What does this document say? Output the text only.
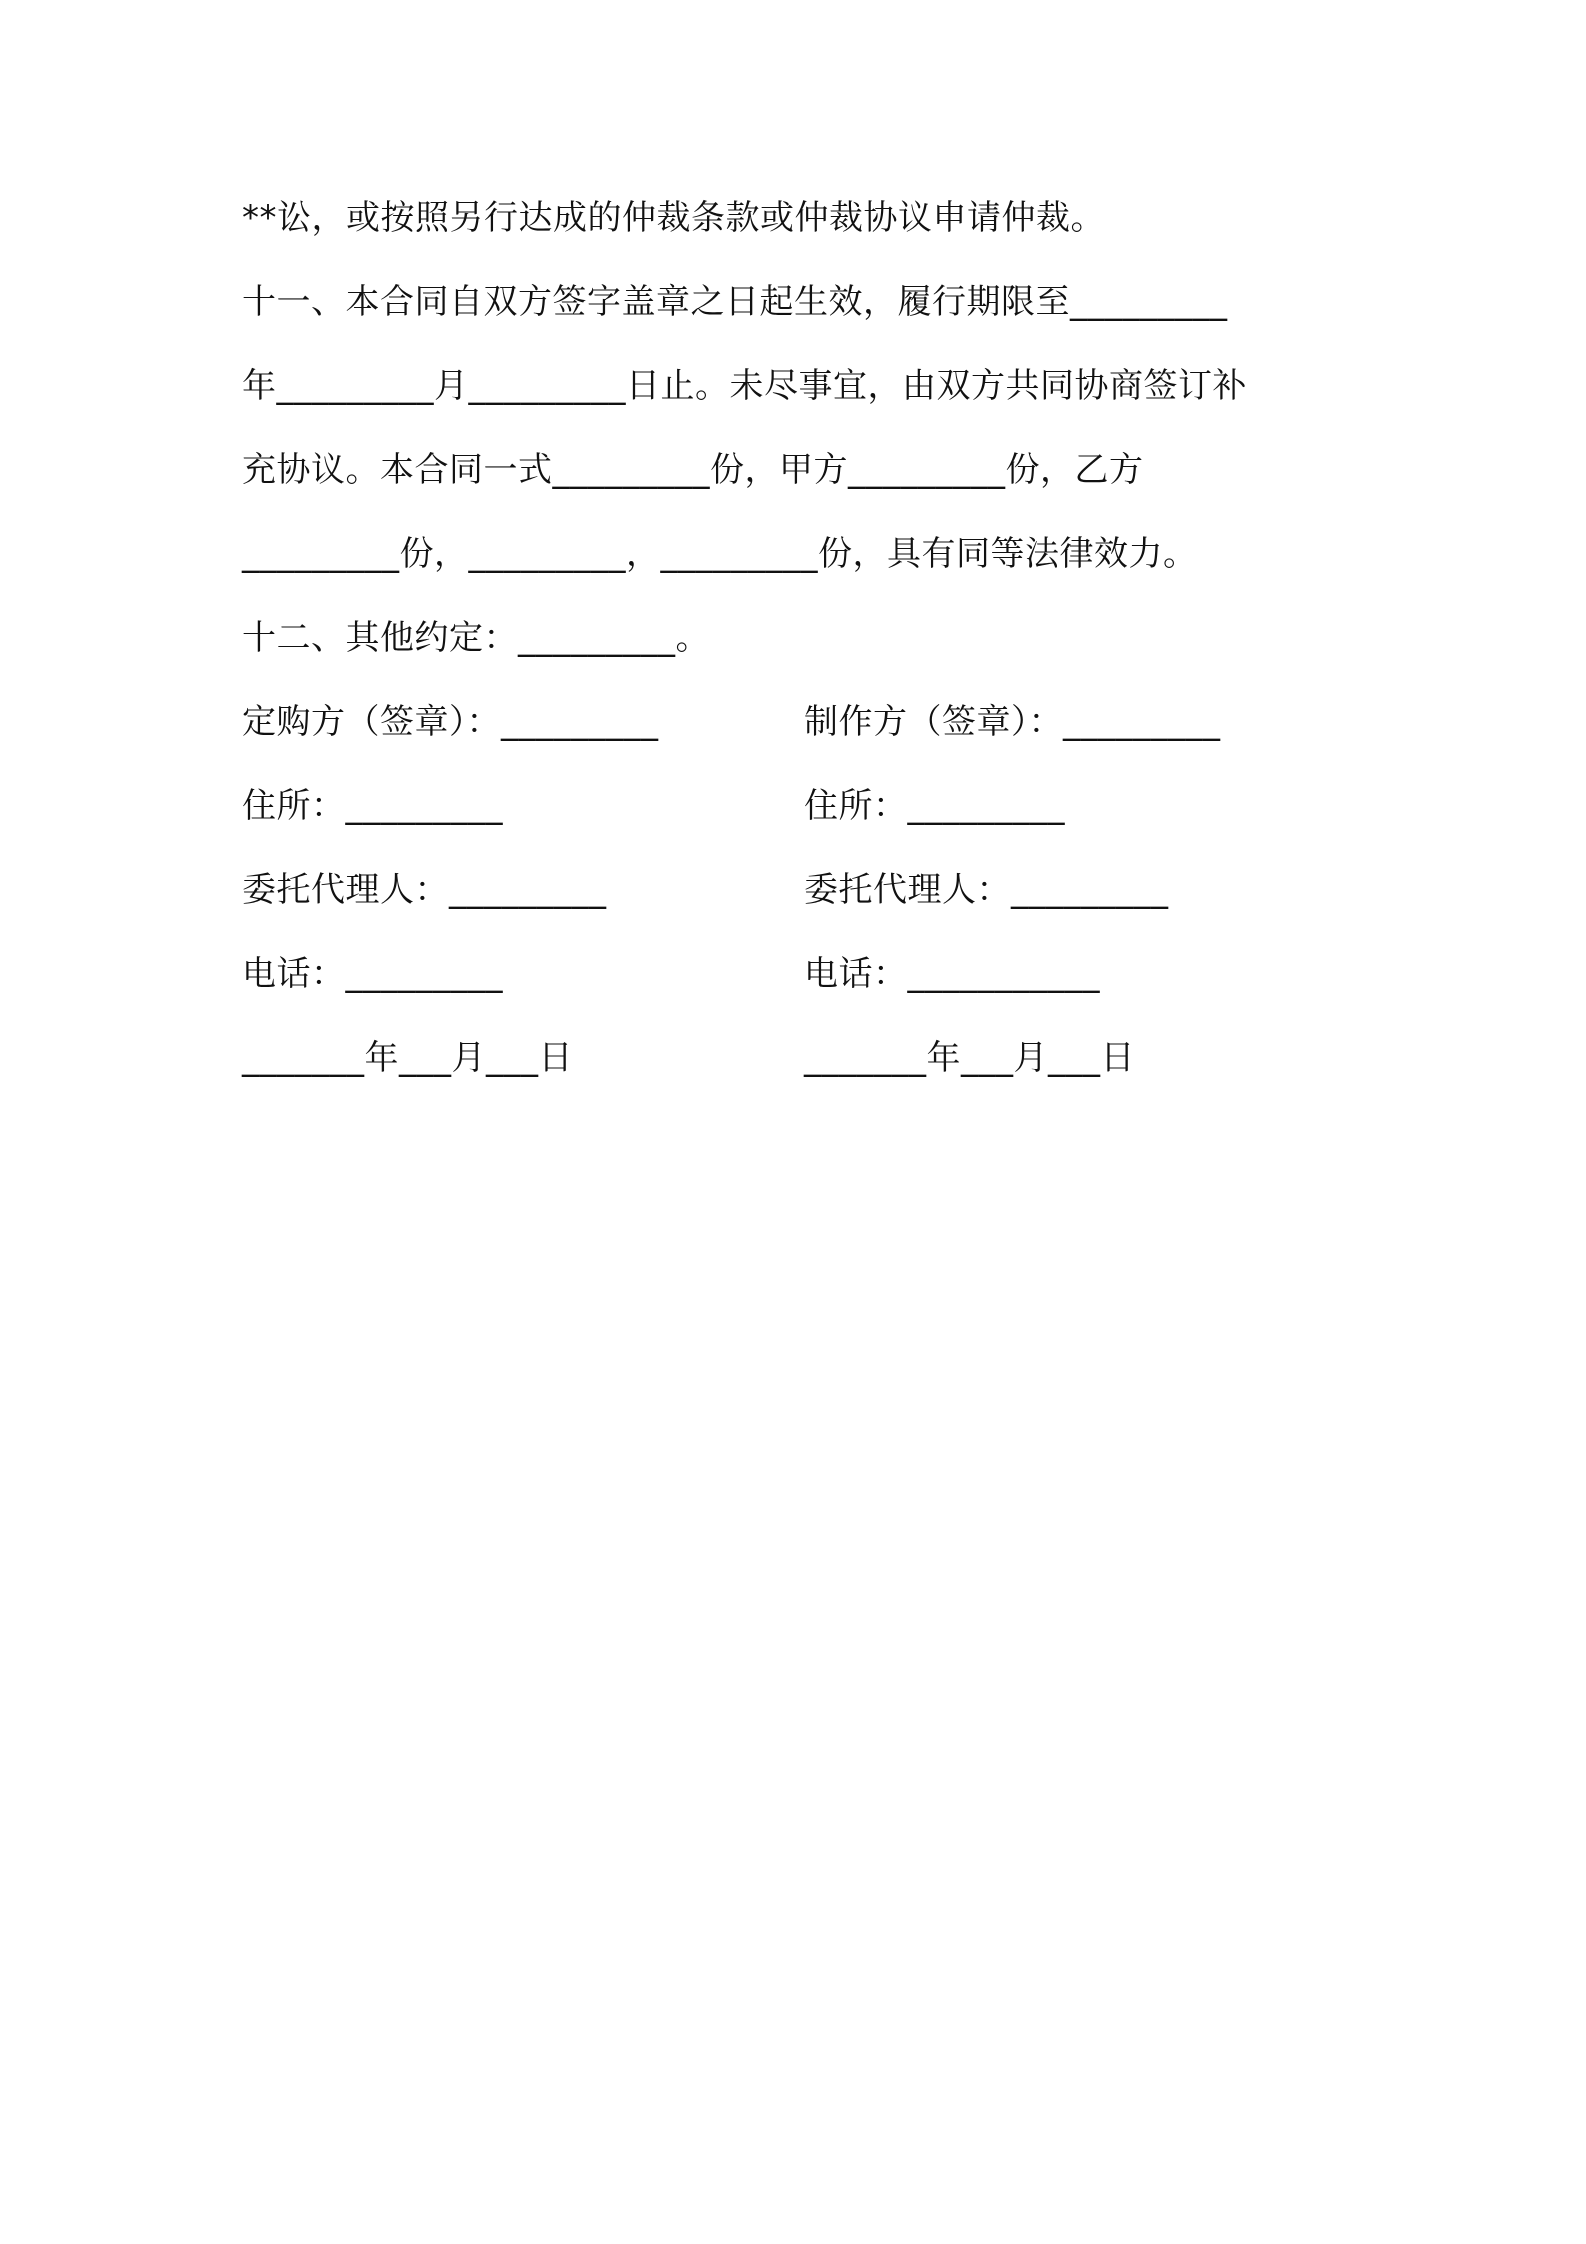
**讼，或按照另行达成的仲裁条款或仲裁协议申请仲裁。

十一、本合同自双方签字盖章之日起生效，履行期限至_________

年_________月_________日止。未尽事宜，由双方共同协商签订补

充协议。本合同一式_________份，甲方_________份，乙方

_________份，_________，_________份，具有同等法律效力。

十二、其他约定：_________。

定购方（签章）：_________	制作方（签章）：_________
住所：_________	住所：_________
委托代理人：_________	委托代理人：_________
电话：_________	电话：___________
_______年___月___日	_______年___月___日
